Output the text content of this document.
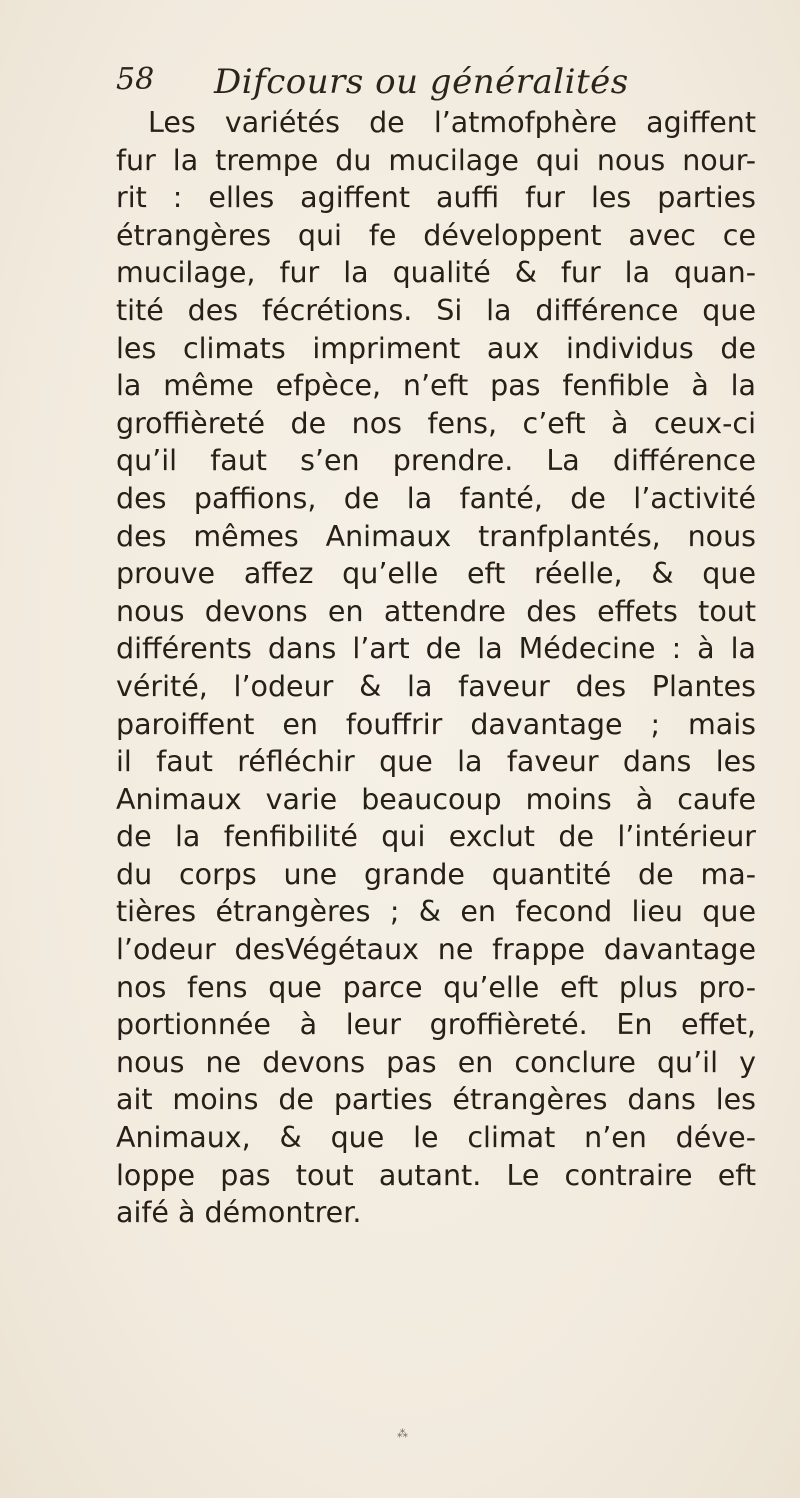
58 Difcours ou généralités
Les variétés de l’atmofphère agiffent
fur la trempe du mucilage qui nous nour-
rit : elles agiffent auffi fur les parties
étrangères qui fe développent avec ce
mucilage, fur la qualité & fur la quan-
tité des fécrétions. Si la différence que
les climats impriment aux individus de
la même efpèce, n’eft pas fenfible à la
groffièreté de nos fens, c’eft à ceux-ci
qu’il faut s’en prendre. La différence
des paffions, de la fanté, de l’activité
des mêmes Animaux tranfplantés, nous
prouve affez qu’elle eft réelle, & que
nous devons en attendre des effets tout
différents dans l’art de la Médecine : à la
vérité, l’odeur & la faveur des Plantes
paroiffent en fouffrir davantage ; mais
il faut réfléchir que la faveur dans les
Animaux varie beaucoup moins à caufe
de la fenfibilité qui exclut de l’intérieur
du corps une grande quantité de ma-
tières étrangères ; & en fecond lieu que
l’odeur desVégétaux ne frappe davantage
nos fens que parce qu’elle eft plus pro-
portionnée à leur groffièreté. En effet,
nous ne devons pas en conclure qu’il y
ait moins de parties étrangères dans les
Animaux, & que le climat n’en déve-
loppe pas tout autant. Le contraire eft
aifé à démontrer.
⁂
